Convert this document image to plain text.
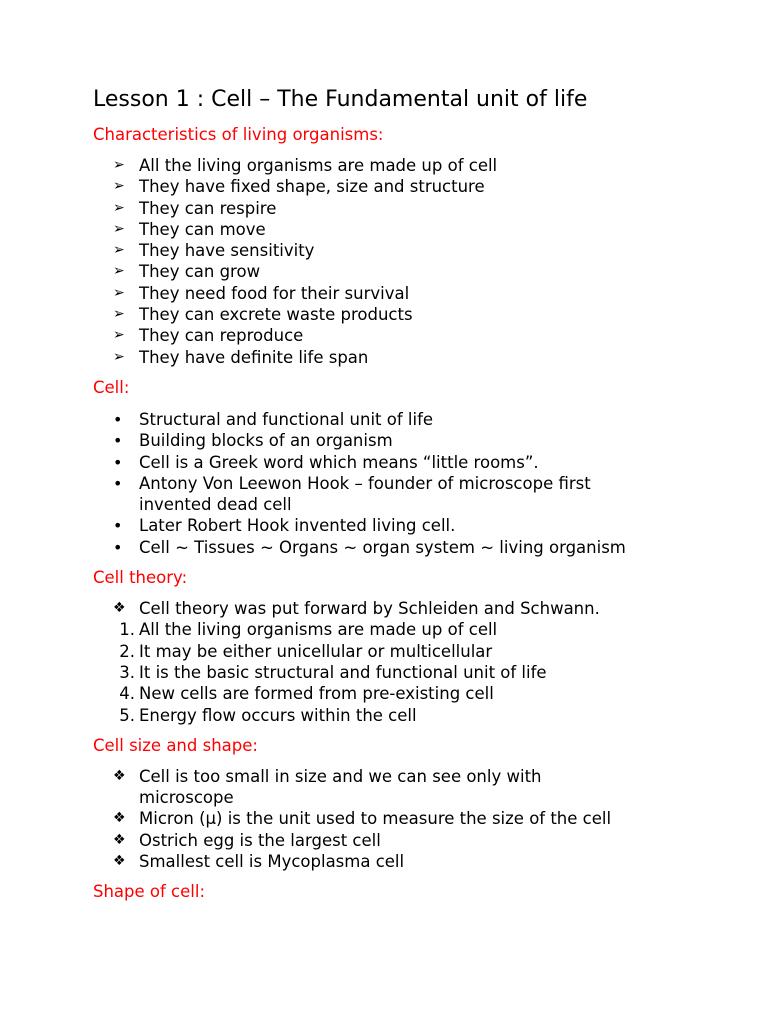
Lesson 1 : Cell – The Fundamental unit of life
Characteristics of living organisms:
➢ All the living organisms are made up of cell
➢ They have fixed shape, size and structure
➢ They can respire
➢ They can move
➢ They have sensitivity
➢ They can grow
➢ They need food for their survival
➢ They can excrete waste products
➢ They can reproduce
➢ They have definite life span
Cell:
•	Structural and functional unit of life
•	Building blocks of an organism
•	Cell is a Greek word which means “little rooms”.
•	Antony Von Leewon Hook – founder of microscope first
invented dead cell
•	Later Robert Hook invented living cell.
•	Cell ~ Tissues ~ Organs ~ organ system ~ living organism
Cell theory:
❖ Cell theory was put forward by Schleiden and Schwann.
1. All the living organisms are made up of cell
2. It may be either unicellular or multicellular
3. It is the basic structural and functional unit of life
4. New cells are formed from pre-existing cell
5. Energy flow occurs within the cell
Cell size and shape:
❖ Cell is too small in size and we can see only with
microscope
❖ Micron (μ) is the unit used to measure the size of the cell
❖ Ostrich egg is the largest cell
❖ Smallest cell is Mycoplasma cell
Shape of cell:
